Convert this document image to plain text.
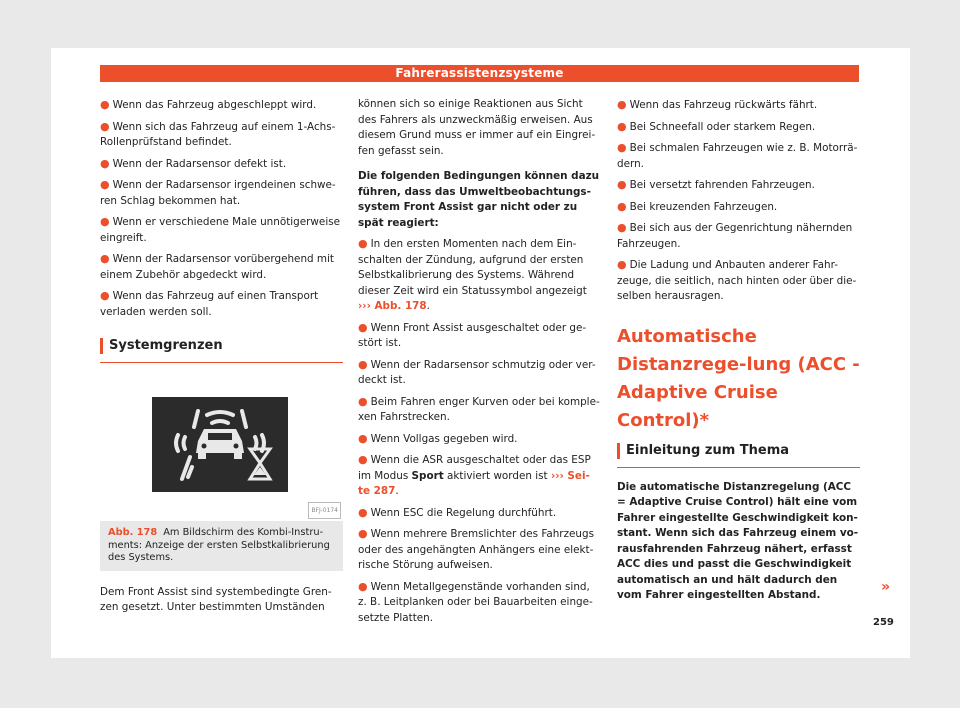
Fahrerassistenzsysteme

● Wenn das Fahrzeug abgeschleppt wird.

● Wenn sich das Fahrzeug auf einem 1-Achs-Rollenprüfstand befindet.

● Wenn der Radarsensor defekt ist.

● Wenn der Radarsensor irgendeinen schwe-ren Schlag bekommen hat.

● Wenn er verschiedene Male unnötigerweise eingreift.

● Wenn der Radarsensor vorübergehend mit einem Zubehör abgedeckt wird.

● Wenn das Fahrzeug auf einen Transport verladen werden soll.

Systemgrenzen
BFJ-0174
Abb. 178 Am Bildschirm des Kombi-Instru-ments: Anzeige der ersten Selbstkalibrierung des Systems.

Dem Front Assist sind systembedingte Gren-zen gesetzt. Unter bestimmten Umständen

können sich so einige Reaktionen aus Sicht des Fahrers als unzweckmäßig erweisen. Aus diesem Grund muss er immer auf ein Eingrei-fen gefasst sein.

Die folgenden Bedingungen können dazu führen, dass das Umweltbeobachtungs-system Front Assist gar nicht oder zu spät reagiert:

● In den ersten Momenten nach dem Ein-schalten der Zündung, aufgrund der ersten Selbstkalibrierung des Systems. Während dieser Zeit wird ein Statussymbol angezeigt ››› Abb. 178.

● Wenn Front Assist ausgeschaltet oder ge-stört ist.

● Wenn der Radarsensor schmutzig oder ver-deckt ist.

● Beim Fahren enger Kurven oder bei komple-xen Fahrstrecken.

● Wenn Vollgas gegeben wird.

● Wenn die ASR ausgeschaltet oder das ESP im Modus Sport aktiviert worden ist ››› Sei-te 287.

● Wenn ESC die Regelung durchführt.

● Wenn mehrere Bremslichter des Fahrzeugs oder des angehängten Anhängers eine elekt-rische Störung aufweisen.

● Wenn Metallgegenstände vorhanden sind, z. B. Leitplanken oder bei Bauarbeiten einge-setzte Platten.

● Wenn das Fahrzeug rückwärts fährt.

● Bei Schneefall oder starkem Regen.

● Bei schmalen Fahrzeugen wie z. B. Motorrä-dern.

● Bei versetzt fahrenden Fahrzeugen.

● Bei kreuzenden Fahrzeugen.

● Bei sich aus der Gegenrichtung nähernden Fahrzeugen.

● Die Ladung und Anbauten anderer Fahr-zeuge, die seitlich, nach hinten oder über die-selben herausragen.

Automatische Distanzrege-lung (ACC - Adaptive Cruise Control)*
Einleitung zum Thema

Die automatische Distanzregelung (ACC = Adaptive Cruise Control) hält eine vom Fahrer eingestellte Geschwindigkeit kon-stant. Wenn sich das Fahrzeug einem vo-rausfahrenden Fahrzeug nähert, erfasst ACC dies und passt die Geschwindigkeit automatisch an und hält dadurch den vom Fahrer eingestellten Abstand.	»
259
